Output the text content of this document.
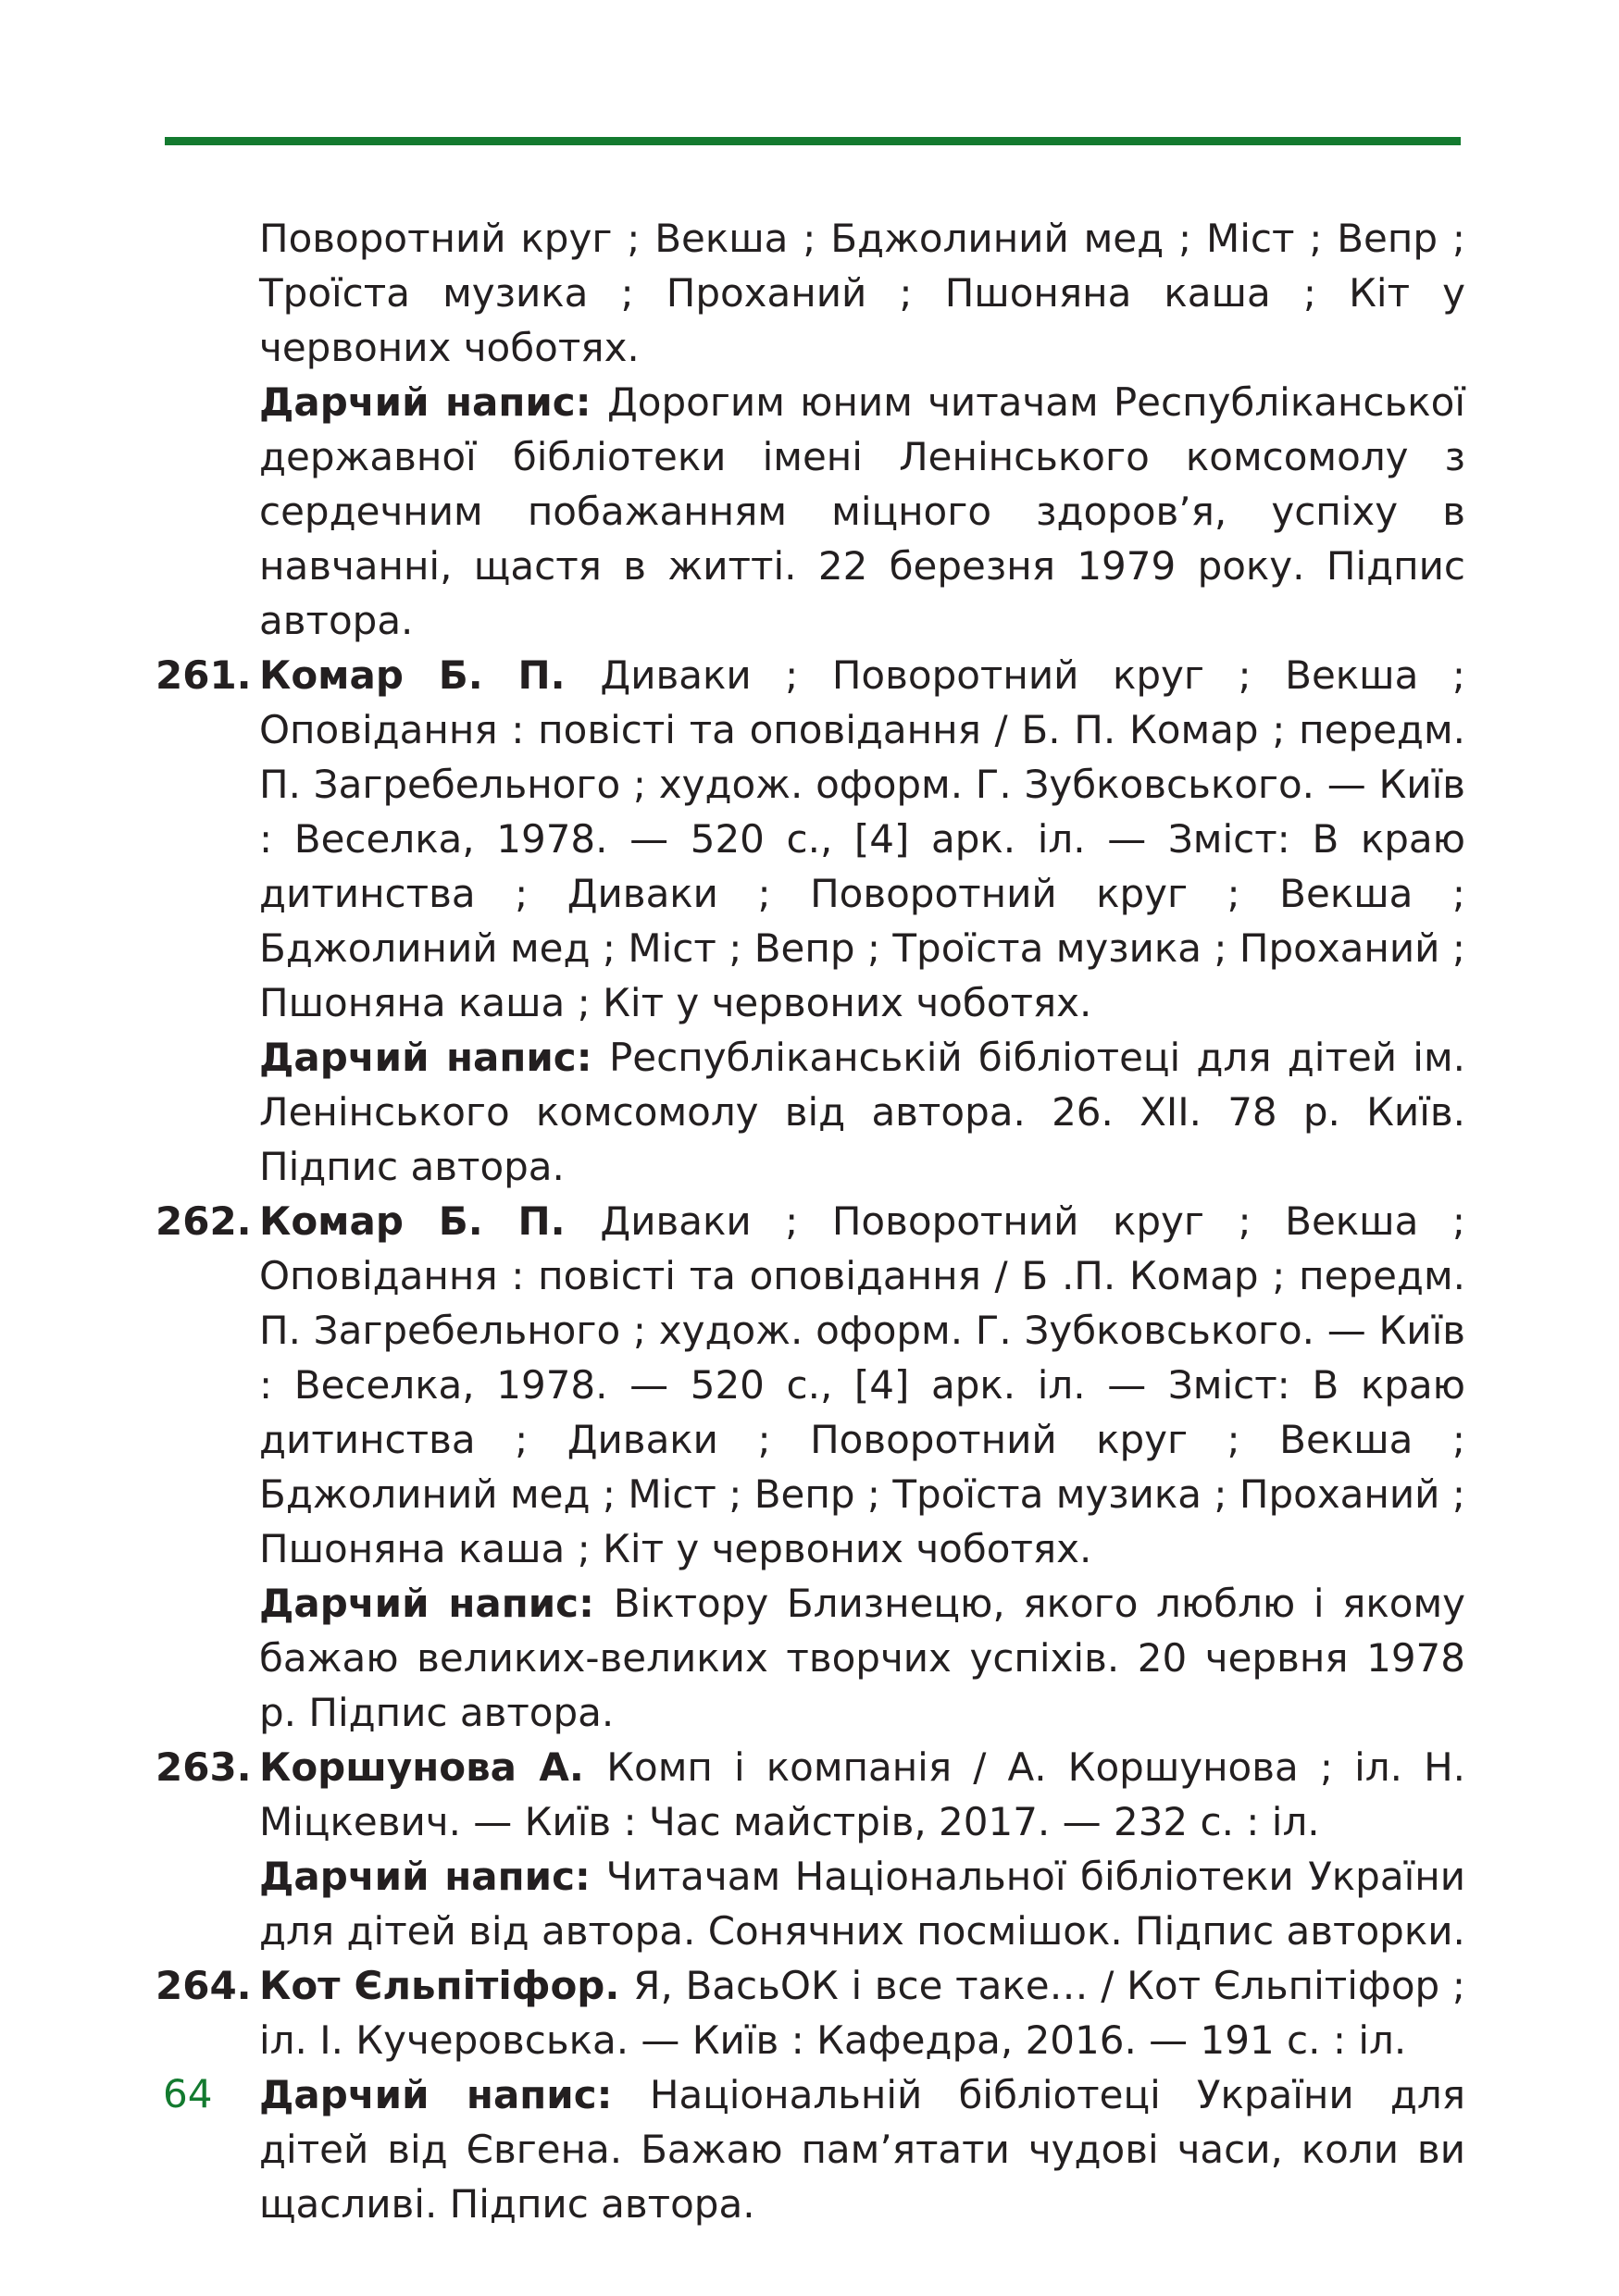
Поворотний круг ; Векша ; Бджолиний мед ; Міст ; Вепр ; Троїста музика ; Проханий ; Пшоняна каша ; Кіт у червоних чоботях.
Дарчий напис: Дорогим юним читачам Республіканської державної бібліотеки імені Ленінського комсомолу з сердечним побажанням міцного здоров’я, успіху в навчанні, щастя в житті. 22 березня 1979 року. Підпис автора.
261. Комар Б. П. Диваки ; Поворотний круг ; Векша ; Оповідання : повісті та оповідання / Б. П. Комар ; передм. П. Загребельного ; худож. оформ. Г. Зубковського. — Київ : Веселка, 1978. — 520 с., [4] арк. іл. — Зміст: В краю дитинства ; Диваки ; Поворотний круг ; Векша ; Бджолиний мед ; Міст ; Вепр ; Троїста музика ; Проханий ; Пшоняна каша ; Кіт у червоних чоботях.
Дарчий напис: Республіканській бібліотеці для дітей ім. Ленінського комсомолу від автора. 26. XII. 78 р. Київ. Підпис автора.
262. Комар Б. П. Диваки ; Поворотний круг ; Векша ; Оповідання : повісті та оповідання / Б .П. Комар ; передм. П. Загребельного ; худож. оформ. Г. Зубковського. — Київ : Веселка, 1978. — 520 с., [4] арк. іл. — Зміст: В краю дитинства ; Диваки ; Поворотний круг ; Векша ; Бджолиний мед ; Міст ; Вепр ; Троїста музика ; Проханий ; Пшоняна каша ; Кіт у червоних чоботях.
Дарчий напис: Віктору Близнецю, якого люблю і якому бажаю великих-великих творчих успіхів. 20 червня 1978 р. Підпис автора.
263. Коршунова А. Комп і компанія / А. Коршунова ; іл. Н. Міцкевич. — Київ : Час майстрів, 2017. — 232 с. : іл.
Дарчий напис: Читачам Національної бібліотеки України для дітей від автора. Сонячних посмішок. Підпис авторки.
264. Кот Єльпітіфор. Я, ВасьОК і все таке… / Кот Єльпітіфор ; іл. І. Кучеровська. — Київ : Кафедра, 2016. — 191 с. : іл.
Дарчий напис: Національній бібліотеці України для дітей від Євгена. Бажаю пам’ятати чудові часи, коли ви щасливі. Підпис автора.
64
